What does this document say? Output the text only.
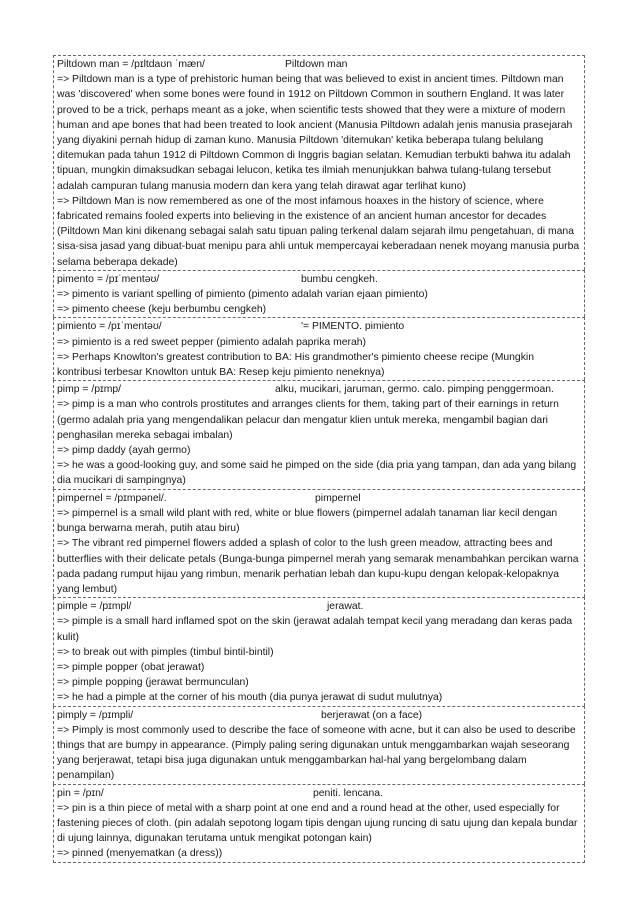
Piltdown man = /pɪltdaʊn ˈmæn/	Piltdown man

=> Piltdown man is a type of prehistoric human being that was believed to exist in ancient times. Piltdown man was 'discovered' when some bones were found in 1912 on Piltdown Common in southern England. It was later proved to be a trick, perhaps meant as a joke, when scientific tests showed that they were a mixture of modern human and ape bones that had been treated to look ancient (Manusia Piltdown adalah jenis manusia prasejarah yang diyakini pernah hidup di zaman kuno. Manusia Piltdown 'ditemukan' ketika beberapa tulang belulang ditemukan pada tahun 1912 di Piltdown Common di Inggris bagian selatan. Kemudian terbukti bahwa itu adalah tipuan, mungkin dimaksudkan sebagai lelucon, ketika tes ilmiah menunjukkan bahwa tulang-tulang tersebut adalah campuran tulang manusia modern dan kera yang telah dirawat agar terlihat kuno)

=> Piltdown Man is now remembered as one of the most infamous hoaxes in the history of science, where fabricated remains fooled experts into believing in the existence of an ancient human ancestor for decades (Piltdown Man kini dikenang sebagai salah satu tipuan paling terkenal dalam sejarah ilmu pengetahuan, di mana sisa-sisa jasad yang dibuat-buat menipu para ahli untuk mempercayai keberadaan nenek moyang manusia purba selama beberapa dekade)

pimento = /pɪˈmentəʊ/	bumbu cengkeh.

=> pimento is variant spelling of pimiento (pimento adalah varian ejaan pimiento)

=> pimento cheese (keju berbumbu cengkeh)

pimiento = /pɪˈmentəʊ/	'= PIMENTO. pimiento

=> pimiento is a red sweet pepper (pimiento adalah paprika merah)

=> Perhaps Knowlton's greatest contribution to BA: His grandmother's pimiento cheese recipe (Mungkin kontribusi terbesar Knowlton untuk BA: Resep keju pimiento neneknya)

pimp = /pɪmp/	alku, mucikari, jaruman, germo. calo. pimping penggermoan.

=> pimp is a man who controls prostitutes and arranges clients for them, taking part of their earnings in return (germo adalah pria yang mengendalikan pelacur dan mengatur klien untuk mereka, mengambil bagian dari penghasilan mereka sebagai imbalan)

=> pimp daddy (ayah germo)

=> he was a good-looking guy, and some said he pimped on the side (dia pria yang tampan, dan ada yang bilang dia mucikari di sampingnya)

pimpernel = /pɪmpənel/.	pimpernel

=> pimpernel is a small wild plant with red, white or blue flowers (pimpernel adalah tanaman liar kecil dengan bunga berwarna merah, putih atau biru)

=> The vibrant red pimpernel flowers added a splash of color to the lush green meadow, attracting bees and butterflies with their delicate petals (Bunga-bunga pimpernel merah yang semarak menambahkan percikan warna pada padang rumput hijau yang rimbun, menarik perhatian lebah dan kupu-kupu dengan kelopak-kelopaknya yang lembut)

pimple = /pɪmpl/	jerawat.

=> pimple is a small hard inflamed spot on the skin (jerawat adalah tempat kecil yang meradang dan keras pada kulit)

=> to break out with pimples (timbul bintil-bintil)

=> pimple popper (obat jerawat)

=> pimple popping (jerawat bermunculan)

=> he had a pimple at the corner of his mouth (dia punya jerawat di sudut mulutnya)

pimply = /pɪmpli/	berjerawat (on a face)

=> Pimply is most commonly used to describe the face of someone with acne, but it can also be used to describe things that are bumpy in appearance. (Pimply paling sering digunakan untuk menggambarkan wajah seseorang yang berjerawat, tetapi bisa juga digunakan untuk menggambarkan hal-hal yang bergelombang dalam penampilan)

pin = /pɪn/	peniti. lencana.

=> pin is a thin piece of metal with a sharp point at one end and a round head at the other, used especially for fastening pieces of cloth. (pin adalah sepotong logam tipis dengan ujung runcing di satu ujung dan kepala bundar di ujung lainnya, digunakan terutama untuk mengikat potongan kain)

=> pinned (menyematkan (a dress))
